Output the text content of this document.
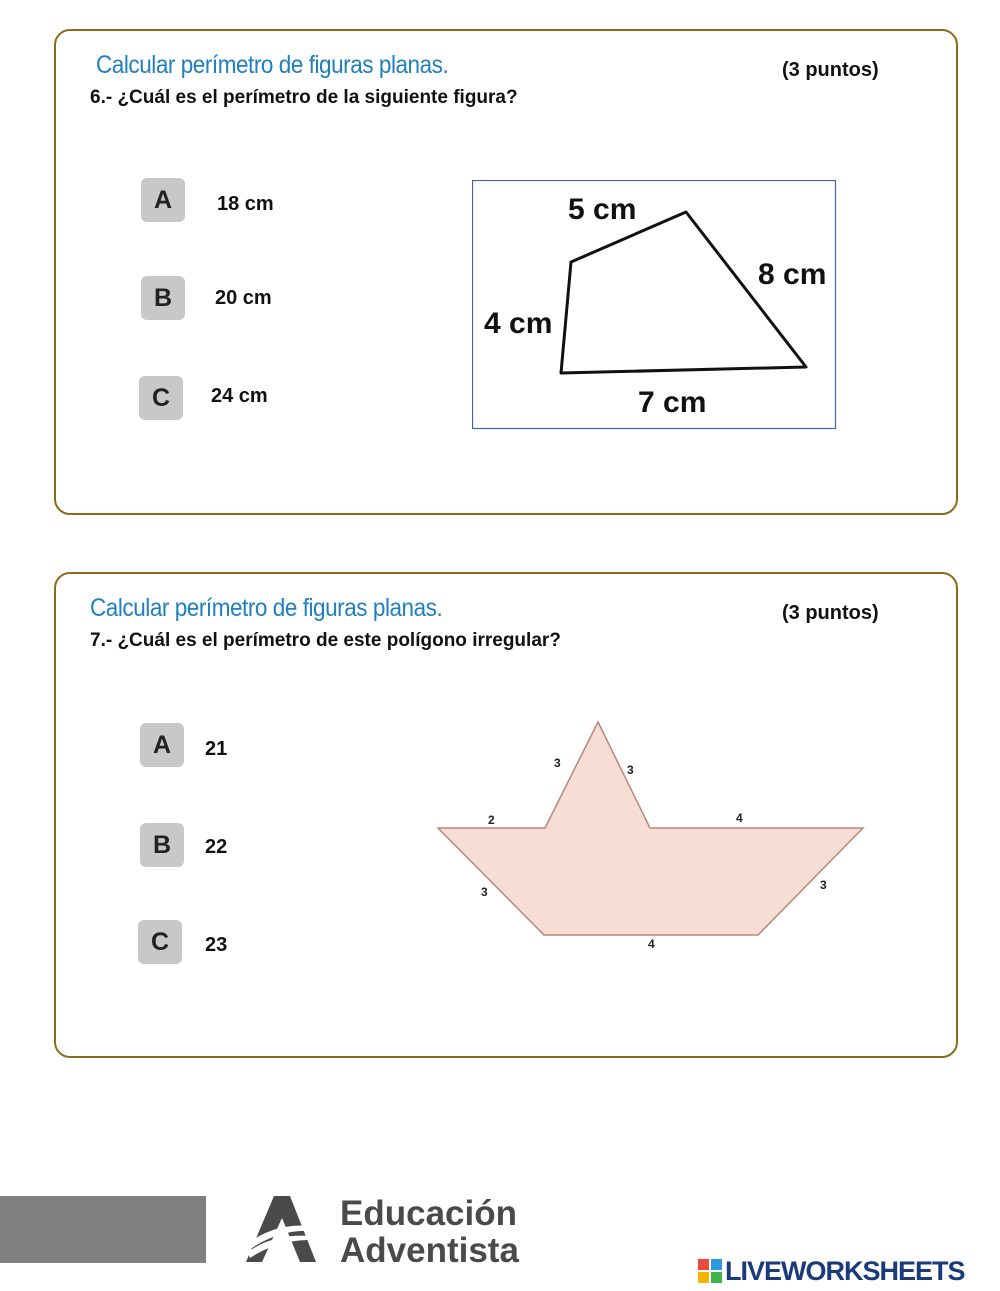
Calcular perímetro de figuras planas.	(3 puntos)
6.- ¿Cuál es el perímetro de la siguiente figura?
A	18 cm
B	20 cm
C	24 cm
5 cm
8 cm
4 cm
7 cm
Calcular perímetro de figuras planas.	(3 puntos)
7.- ¿Cuál es el perímetro de este polígono irregular?
A	21
B	22
C	23
3	3
2	4
3	3
4
Educación
Adventista
LIVEWORKSHEETS
